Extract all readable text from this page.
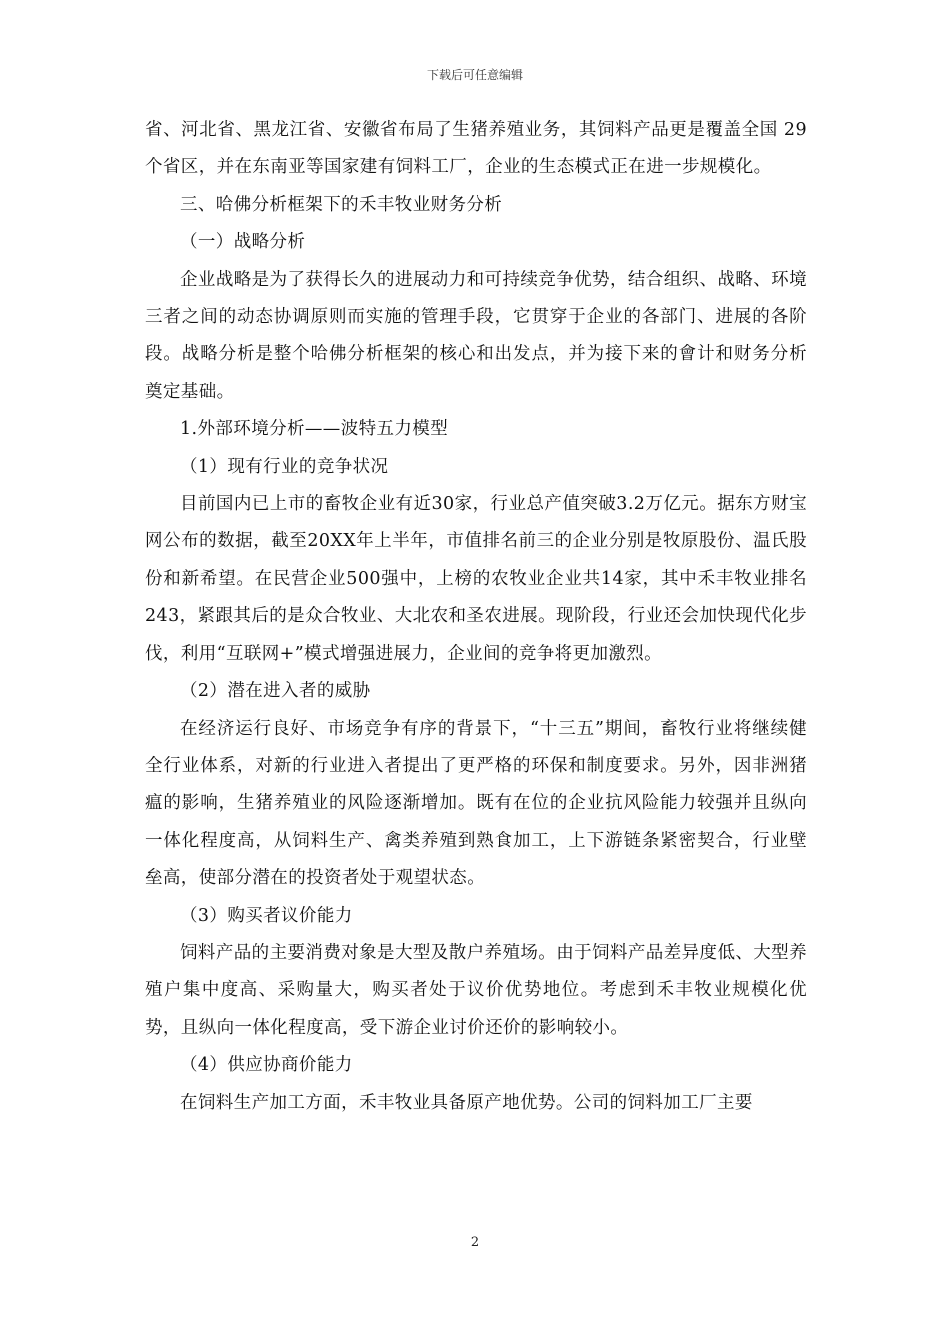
下载后可任意编辑

省、河北省、黑龙江省、安徽省布局了生猪养殖业务，其饲料产品更是覆盖全国 29 个省区，并在东南亚等国家建有饲料工厂，企业的生态模式正在进一步规模化。

三、哈佛分析框架下的禾丰牧业财务分析

（一）战略分析

企业战略是为了获得长久的进展动力和可持续竞争优势，结合组织、战略、环境三者之间的动态协调原则而实施的管理手段，它贯穿于企业的各部门、进展的各阶段。战略分析是整个哈佛分析框架的核心和出发点，并为接下来的會计和财务分析奠定基础。

1.外部环境分析——波特五力模型

（1）现有行业的竞争状况

目前国内已上市的畜牧企业有近30家，行业总产值突破3.2万亿元。据东方财宝网公布的数据，截至20XX年上半年，市值排名前三的企业分别是牧原股份、温氏股份和新希望。在民营企业500强中，上榜的农牧业企业共14家，其中禾丰牧业排名243，紧跟其后的是众合牧业、大北农和圣农进展。现阶段，行业还会加快现代化步伐，利用“互联网+”模式增强进展力，企业间的竞争将更加激烈。

（2）潜在进入者的威胁

在经济运行良好、市场竞争有序的背景下，“十三五”期间，畜牧行业将继续健全行业体系，对新的行业进入者提出了更严格的环保和制度要求。另外，因非洲猪瘟的影响，生猪养殖业的风险逐渐增加。既有在位的企业抗风险能力较强并且纵向一体化程度高，从饲料生产、禽类养殖到熟食加工，上下游链条紧密契合，行业壁垒高，使部分潜在的投资者处于观望状态。

（3）购买者议价能力

饲料产品的主要消费对象是大型及散户养殖场。由于饲料产品差异度低、大型养殖户集中度高、采购量大，购买者处于议价优势地位。考虑到禾丰牧业规模化优势，且纵向一体化程度高，受下游企业讨价还价的影响较小。

（4）供应协商价能力

在饲料生产加工方面，禾丰牧业具备原产地优势。公司的饲料加工厂主要

2
